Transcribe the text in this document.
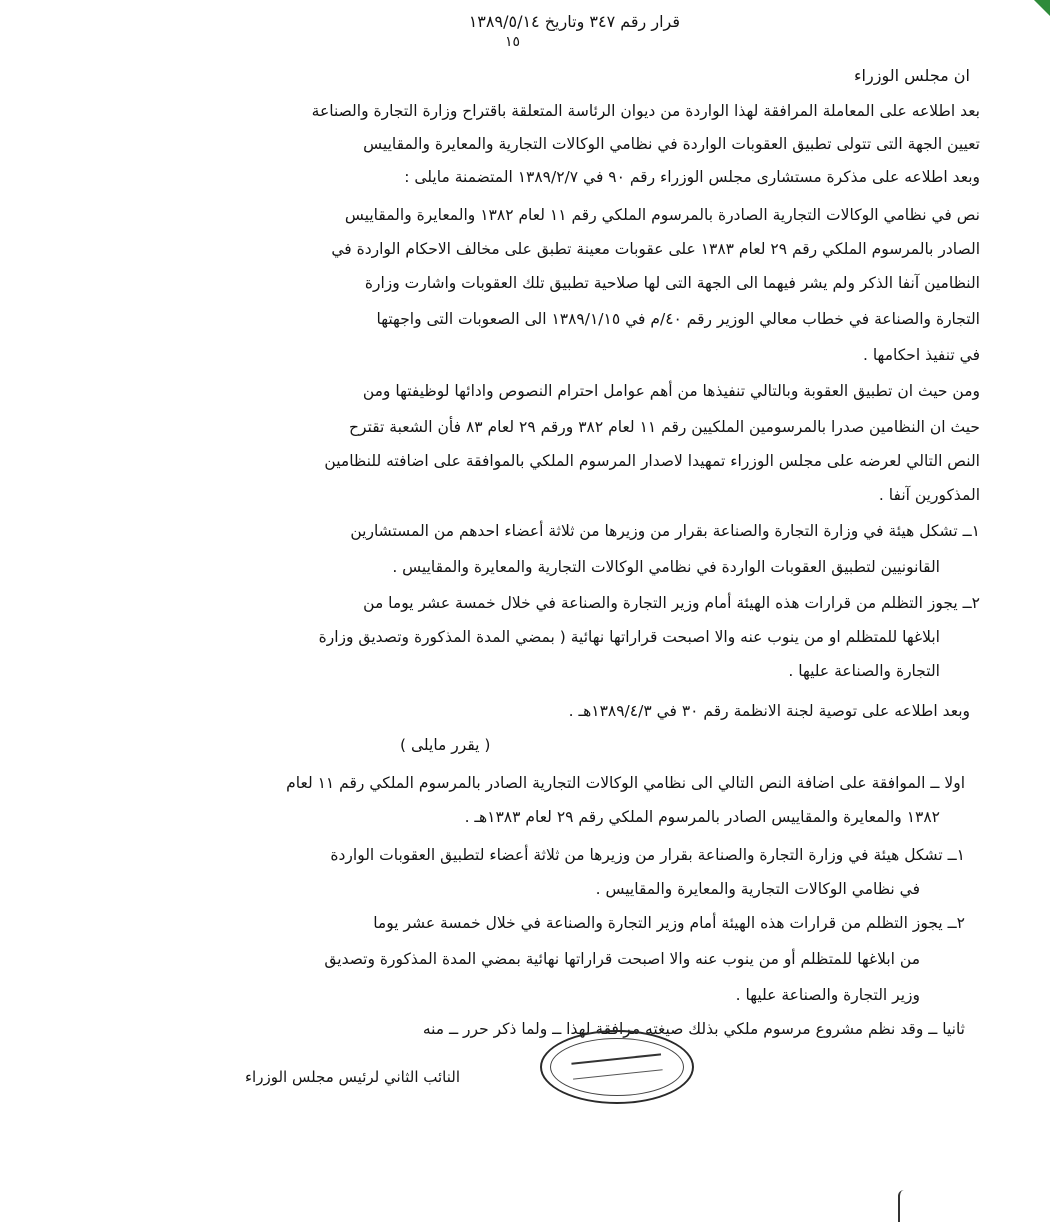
قرار رقم ٣٤٧ وتاريخ ١٣٨٩/٥/١٤
١٥
ان مجلس الوزراء
بعد اطلاعه على المعاملة المرافقة لهذا الواردة من ديوان الرئاسة المتعلقة باقتراح وزارة التجارة والصناعة
تعيين الجهة التى تتولى تطبيق العقوبات الواردة في نظامي الوكالات التجارية والمعايرة والمقاييس
وبعد اطلاعه على مذكرة مستشارى مجلس الوزراء رقم ٩٠ في ١٣٨٩/٢/٧ المتضمنة مايلى :
نص في نظامي الوكالات التجارية الصادرة بالمرسوم الملكي رقم ١١ لعام ١٣٨٢ والمعايرة والمقاييس
الصادر بالمرسوم الملكي رقم ٢٩ لعام ١٣٨٣ على عقوبات معينة تطبق على مخالف الاحكام الواردة في
النظامين آنفا الذكر ولم يشر فيهما الى الجهة التى لها صلاحية تطبيق تلك العقوبات واشارت وزارة
التجارة والصناعة في خطاب معالي الوزير رقم ٤٠/م في ١٣٨٩/١/١٥ الى الصعوبات التى واجهتها
في تنفيذ احكامها .
ومن حيث ان تطبيق العقوبة وبالتالي تنفيذها من أهم عوامل احترام النصوص وادائها لوظيفتها ومن
حيث ان النظامين صدرا بالمرسومين الملكيين رقم ١١ لعام ٣٨٢ ورقم ٢٩ لعام ٨٣ فأن الشعبة تقترح
النص التالي لعرضه على مجلس الوزراء تمهيدا لاصدار المرسوم الملكي بالموافقة على اضافته للنظامين
المذكورين آنفا .
١ــ تشكل هيئة في وزارة التجارة والصناعة بقرار من وزيرها من ثلاثة أعضاء احدهم من المستشارين
القانونيين لتطبيق العقوبات الواردة في نظامي الوكالات التجارية والمعايرة والمقاييس .
٢ــ يجوز التظلم من قرارات هذه الهيئة أمام وزير التجارة والصناعة في خلال خمسة عشر يوما من
ابلاغها للمتظلم او من ينوب عنه والا اصبحت قراراتها نهائية ( بمضي المدة المذكورة وتصديق وزارة
التجارة والصناعة عليها .
وبعد اطلاعه على توصية لجنة الانظمة رقم ٣٠ في ١٣٨٩/٤/٣هـ .
( يقرر مايلى )
اولا ــ الموافقة على اضافة النص التالي الى نظامي الوكالات التجارية الصادر بالمرسوم الملكي رقم ١١ لعام
١٣٨٢ والمعايرة والمقاييس الصادر بالمرسوم الملكي رقم ٢٩ لعام ١٣٨٣هـ .
١ــ تشكل هيئة في وزارة التجارة والصناعة بقرار من وزيرها من ثلاثة أعضاء لتطبيق العقوبات الواردة
في نظامي الوكالات التجارية والمعايرة والمقاييس .
٢ــ يجوز التظلم من قرارات هذه الهيئة أمام وزير التجارة والصناعة في خلال خمسة عشر يوما
من ابلاغها للمتظلم أو من ينوب عنه والا اصبحت قراراتها نهائية بمضي المدة المذكورة وتصديق
وزير التجارة والصناعة عليها .
ثانيا ــ وقد نظم مشروع مرسوم ملكي بذلك صيغته مرافقة لهذا ــ ولما ذكر حرر ــ منه
النائب الثاني لرئيس مجلس الوزراء
